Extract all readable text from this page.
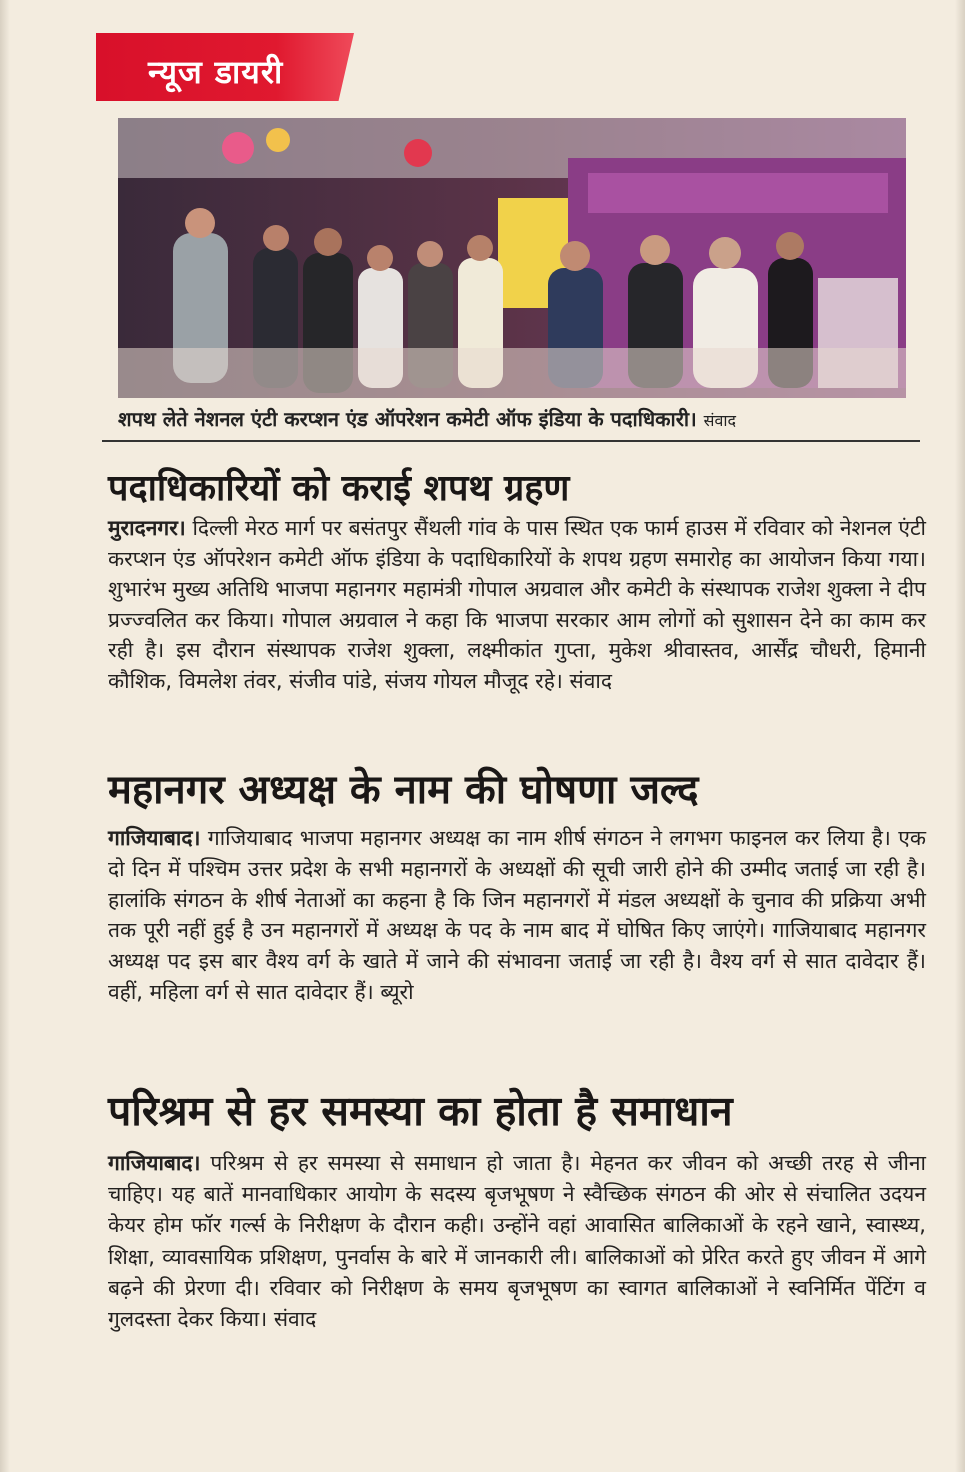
न्यूज डायरी
शपथ लेते नेशनल एंटी करप्शन एंड ऑपरेशन कमेटी ऑफ इंडिया के पदाधिकारी। संवाद
पदाधिकारियों को कराई शपथ ग्रहण
मुरादनगर। दिल्ली मेरठ मार्ग पर बसंतपुर सैंथली गांव के पास स्थित एक फार्म हाउस में रविवार को नेशनल एंटी करप्शन एंड ऑपरेशन कमेटी ऑफ इंडिया के पदाधिकारियों के शपथ ग्रहण समारोह का आयोजन किया गया। शुभारंभ मुख्य अतिथि भाजपा महानगर महामंत्री गोपाल अग्रवाल और कमेटी के संस्थापक राजेश शुक्ला ने दीप प्रज्ज्वलित कर किया। गोपाल अग्रवाल ने कहा कि भाजपा सरकार आम लोगों को सुशासन देने का काम कर रही है। इस दौरान संस्थापक राजेश शुक्ला, लक्ष्मीकांत गुप्ता, मुकेश श्रीवास्तव, आर्सेंद्र चौधरी, हिमानी कौशिक, विमलेश तंवर, संजीव पांडे, संजय गोयल मौजूद रहे। संवाद
महानगर अध्यक्ष के नाम की घोषणा जल्द
गाजियाबाद। गाजियाबाद भाजपा महानगर अध्यक्ष का नाम शीर्ष संगठन ने लगभग फाइनल कर लिया है। एक दो दिन में पश्चिम उत्तर प्रदेश के सभी महानगरों के अध्यक्षों की सूची जारी होने की उम्मीद जताई जा रही है। हालांकि संगठन के शीर्ष नेताओं का कहना है कि जिन महानगरों में मंडल अध्यक्षों के चुनाव की प्रक्रिया अभी तक पूरी नहीं हुई है उन महानगरों में अध्यक्ष के पद के नाम बाद में घोषित किए जाएंगे। गाजियाबाद महानगर अध्यक्ष पद इस बार वैश्य वर्ग के खाते में जाने की संभावना जताई जा रही है। वैश्य वर्ग से सात दावेदार हैं। वहीं, महिला वर्ग से सात दावेदार हैं। ब्यूरो
परिश्रम से हर समस्या का होता है समाधान
गाजियाबाद। परिश्रम से हर समस्या से समाधान हो जाता है। मेहनत कर जीवन को अच्छी तरह से जीना चाहिए। यह बातें मानवाधिकार आयोग के सदस्य बृजभूषण ने स्वैच्छिक संगठन की ओर से संचालित उदयन केयर होम फॉर गर्ल्स के निरीक्षण के दौरान कही। उन्होंने वहां आवासित बालिकाओं के रहने खाने, स्वास्थ्य, शिक्षा, व्यावसायिक प्रशिक्षण, पुनर्वास के बारे में जानकारी ली। बालिकाओं को प्रेरित करते हुए जीवन में आगे बढ़ने की प्रेरणा दी। रविवार को निरीक्षण के समय बृजभूषण का स्वागत बालिकाओं ने स्वनिर्मित पेंटिंग व गुलदस्ता देकर किया। संवाद
